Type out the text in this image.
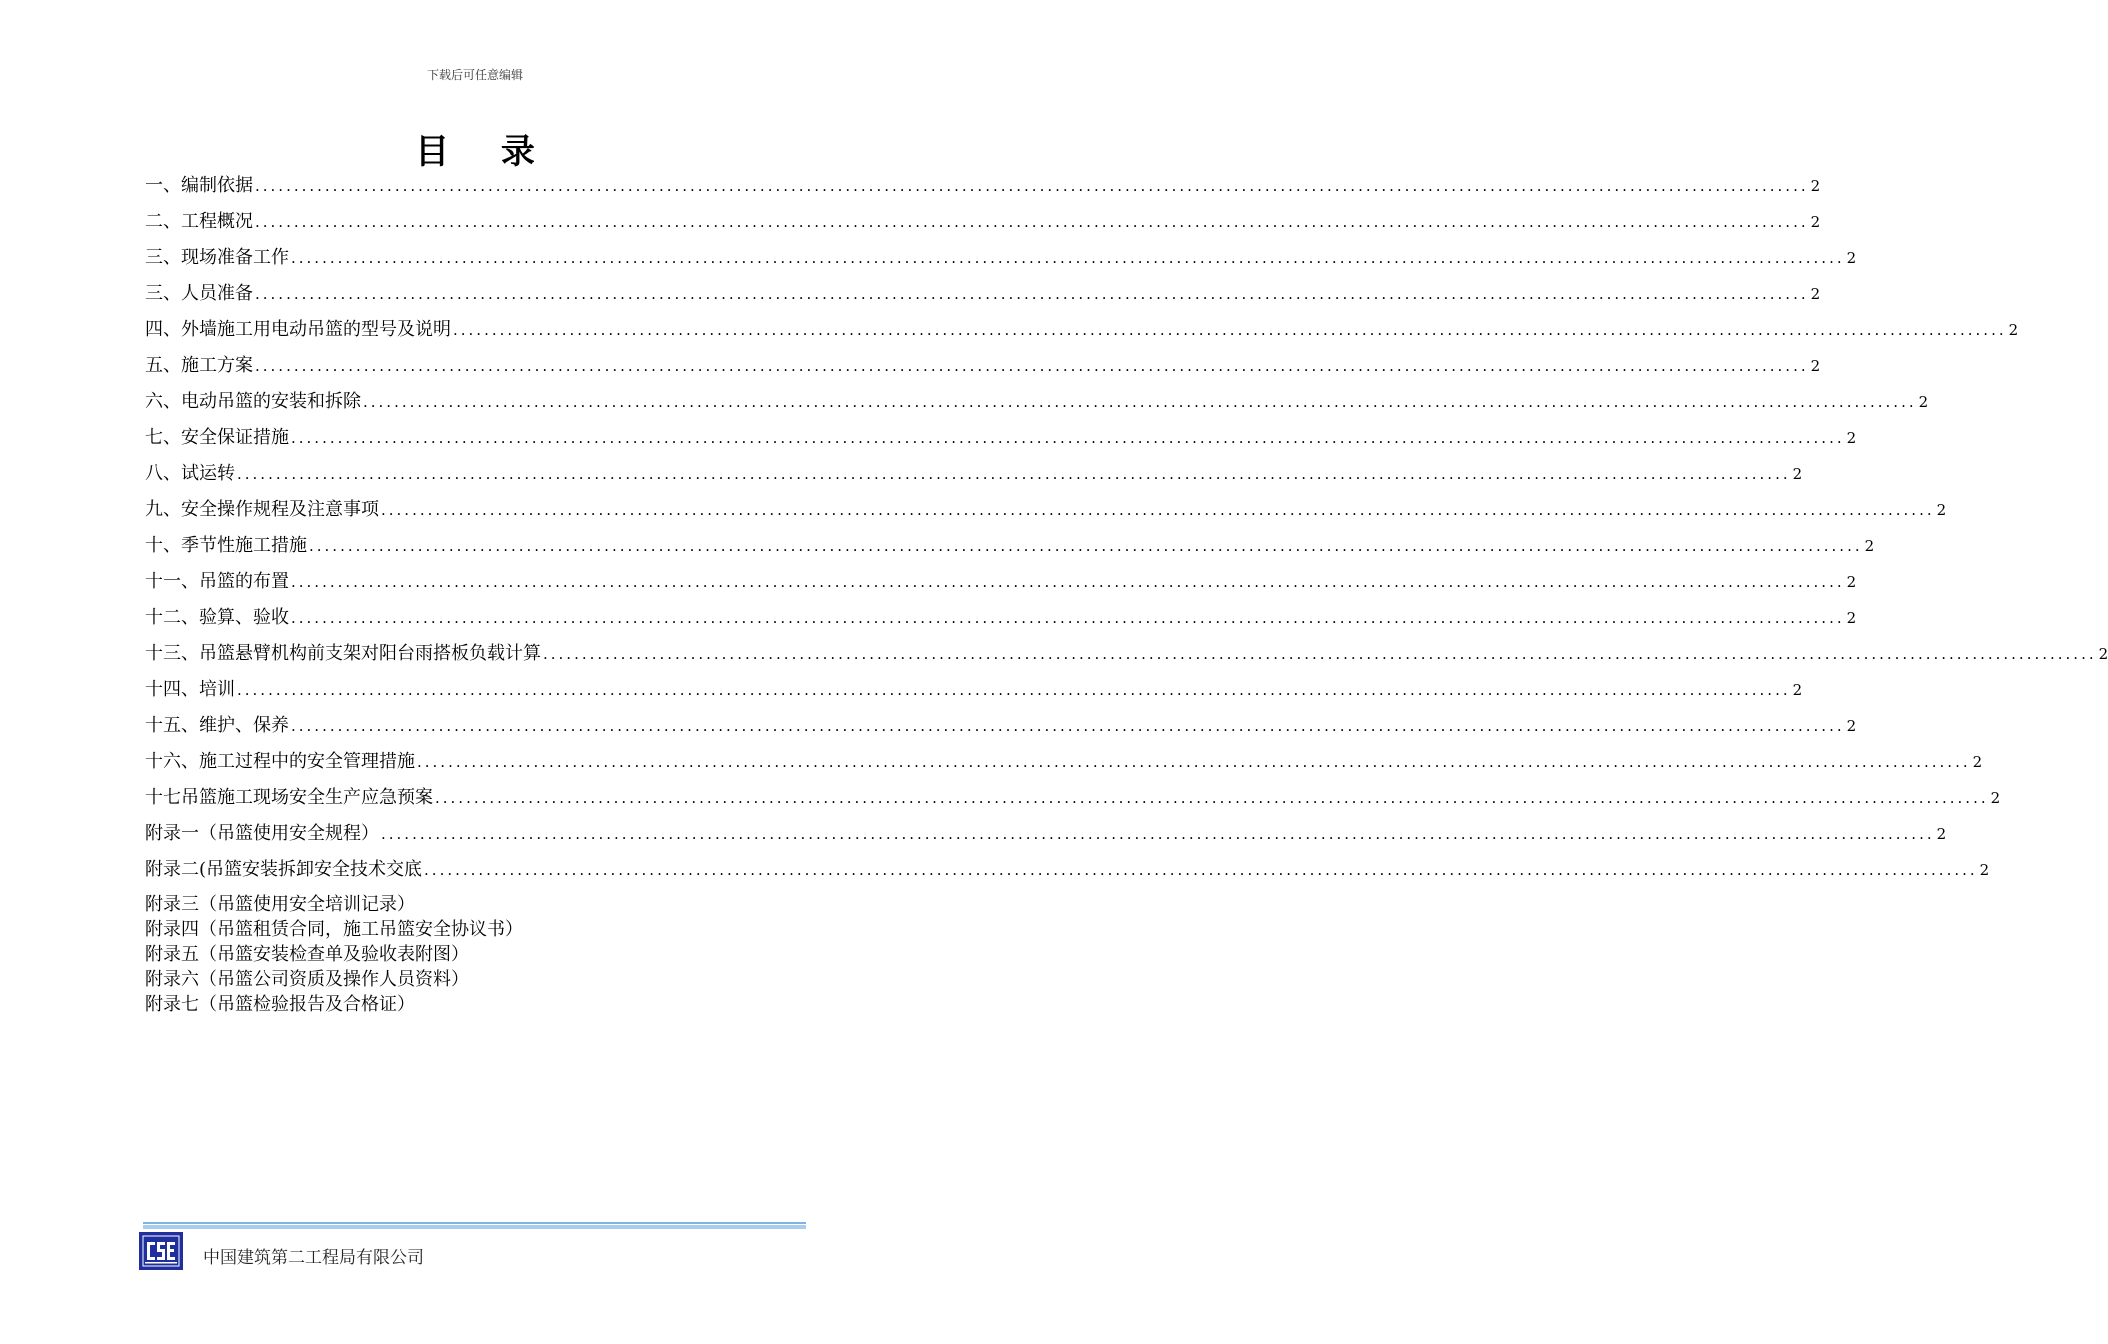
下载后可任意编辑
目 录
一、编制依据 ........................................................................................................................................................................................................ 2
二、工程概况 ........................................................................................................................................................................................................ 2
三、现场准备工作 ........................................................................................................................................................................................................ 2
三、人员准备 ........................................................................................................................................................................................................ 2
四、外墙施工用电动吊篮的型号及说明 ........................................................................................................................................................................................................ 2
五、施工方案 ........................................................................................................................................................................................................ 2
六、电动吊篮的安装和拆除 ........................................................................................................................................................................................................ 2
七、安全保证措施 ........................................................................................................................................................................................................ 2
八、试运转 ........................................................................................................................................................................................................ 2
九、安全操作规程及注意事项 ........................................................................................................................................................................................................ 2
十、季节性施工措施 ........................................................................................................................................................................................................ 2
十一、吊篮的布置 ........................................................................................................................................................................................................ 2
十二、验算、验收 ........................................................................................................................................................................................................ 2
十三、吊篮悬臂机构前支架对阳台雨搭板负载计算 ........................................................................................................................................................................................................ 2
十四、培训 ........................................................................................................................................................................................................ 2
十五、维护、保养 ........................................................................................................................................................................................................ 2
十六、施工过程中的安全管理措施 ........................................................................................................................................................................................................ 2
十七吊篮施工现场安全生产应急预案 ........................................................................................................................................................................................................ 2
附录一（吊篮使用安全规程） ........................................................................................................................................................................................................ 2
附录二(吊篮安装拆卸安全技术交底 ........................................................................................................................................................................................................ 2
附录三（吊篮使用安全培训记录）
附录四（吊篮租赁合同，施工吊篮安全协议书）
附录五（吊篮安装检查单及验收表附图）
附录六（吊篮公司资质及操作人员资料）
附录七（吊篮检验报告及合格证）
中国建筑第二工程局有限公司
